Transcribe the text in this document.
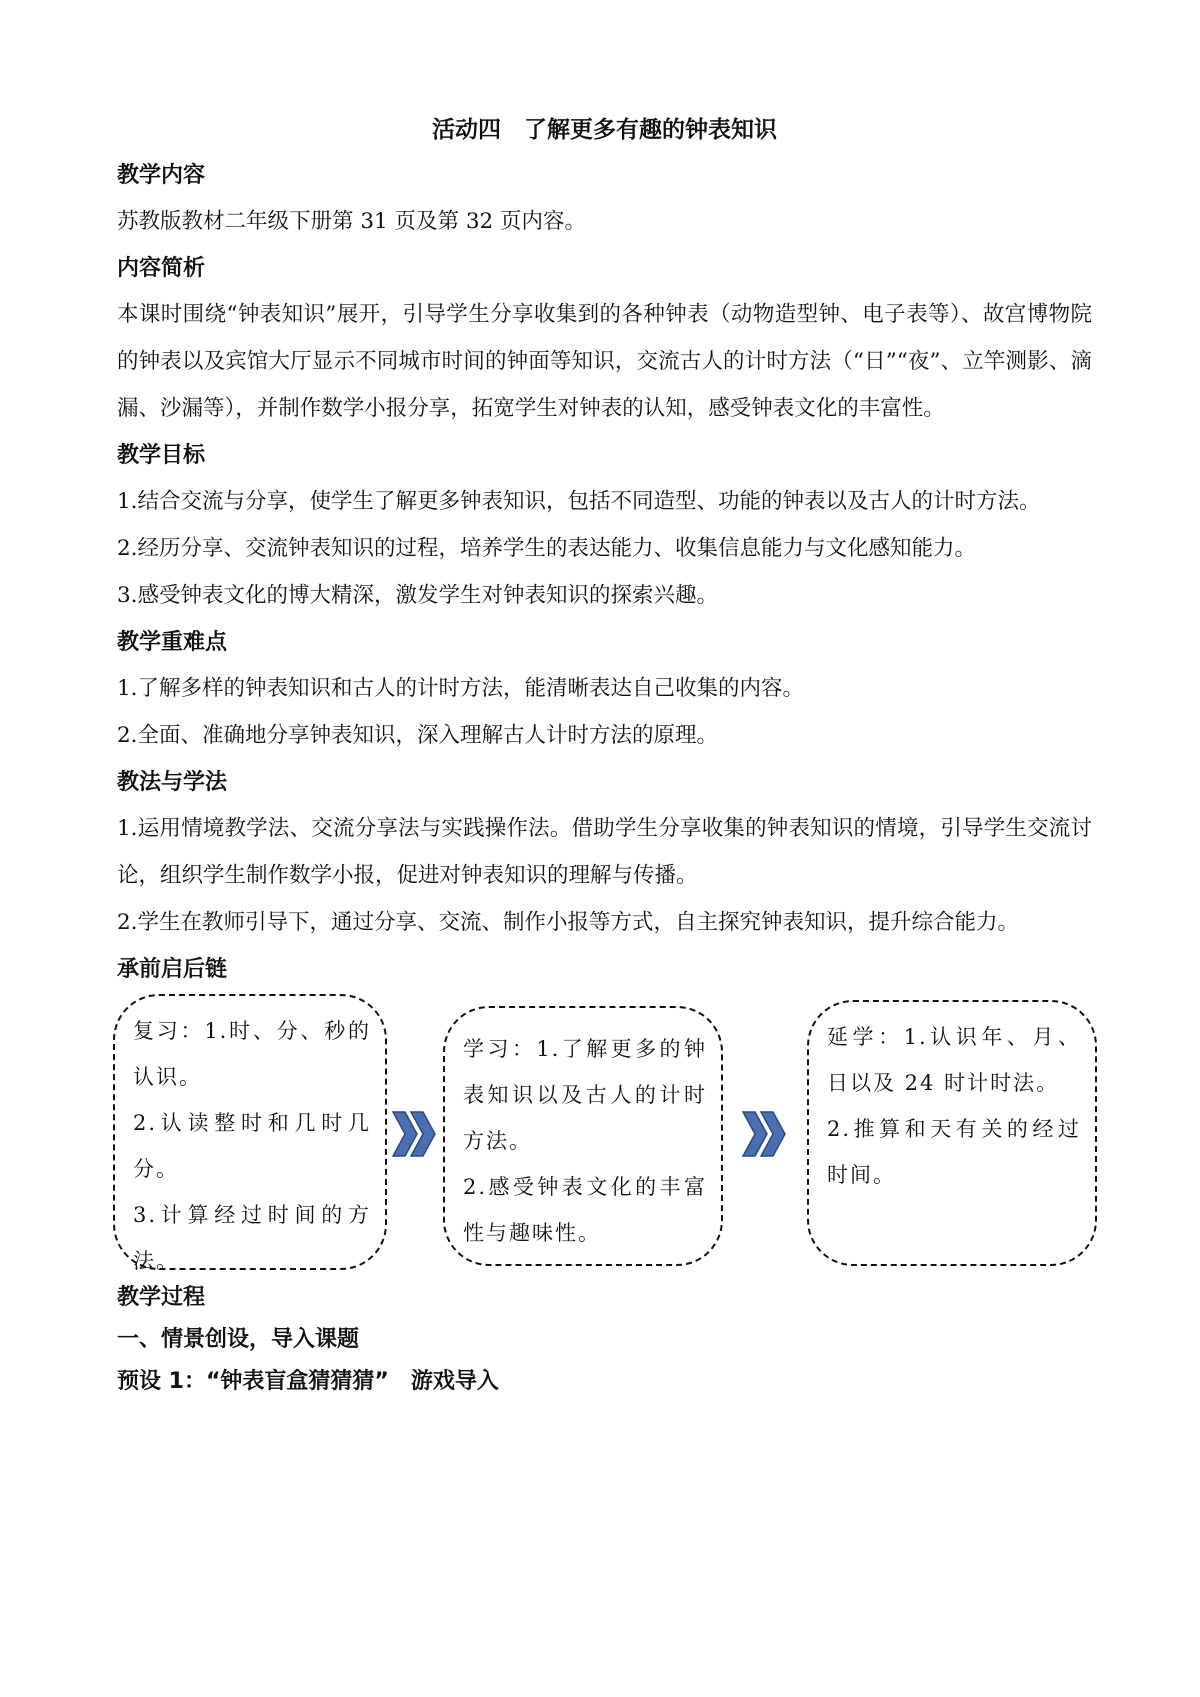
活动四　了解更多有趣的钟表知识
教学内容

苏教版教材二年级下册第 31 页及第 32 页内容。

内容简析

本课时围绕“钟表知识”展开，引导学生分享收集到的各种钟表（动物造型钟、电子表等）、故宫博物院的钟表以及宾馆大厅显示不同城市时间的钟面等知识，交流古人的计时方法（“日”“夜”、立竿测影、滴漏、沙漏等），并制作数学小报分享，拓宽学生对钟表的认知，感受钟表文化的丰富性。

教学目标

1.结合交流与分享，使学生了解更多钟表知识，包括不同造型、功能的钟表以及古人的计时方法。

2.经历分享、交流钟表知识的过程，培养学生的表达能力、收集信息能力与文化感知能力。

3.感受钟表文化的博大精深，激发学生对钟表知识的探索兴趣。

教学重难点

1.了解多样的钟表知识和古人的计时方法，能清晰表达自己收集的内容。

2.全面、准确地分享钟表知识，深入理解古人计时方法的原理。

教法与学法

1.运用情境教学法、交流分享法与实践操作法。借助学生分享收集的钟表知识的情境，引导学生交流讨论，组织学生制作数学小报，促进对钟表知识的理解与传播。

2.学生在教师引导下，通过分享、交流、制作小报等方式，自主探究钟表知识，提升综合能力。

承前启后链

复习：1.时、分、秒的认识。

2.认读整时和几时几分。

3.计算经过时间的方法。

学习：1.了解更多的钟表知识以及古人的计时方法。

2.感受钟表文化的丰富性与趣味性。

延学：1.认识年、月、日以及 24 时计时法。

2.推算和天有关的经过时间。

教学过程
一、情景创设，导入课题
预设 1：“钟表盲盒猜猜猜”　游戏导入
